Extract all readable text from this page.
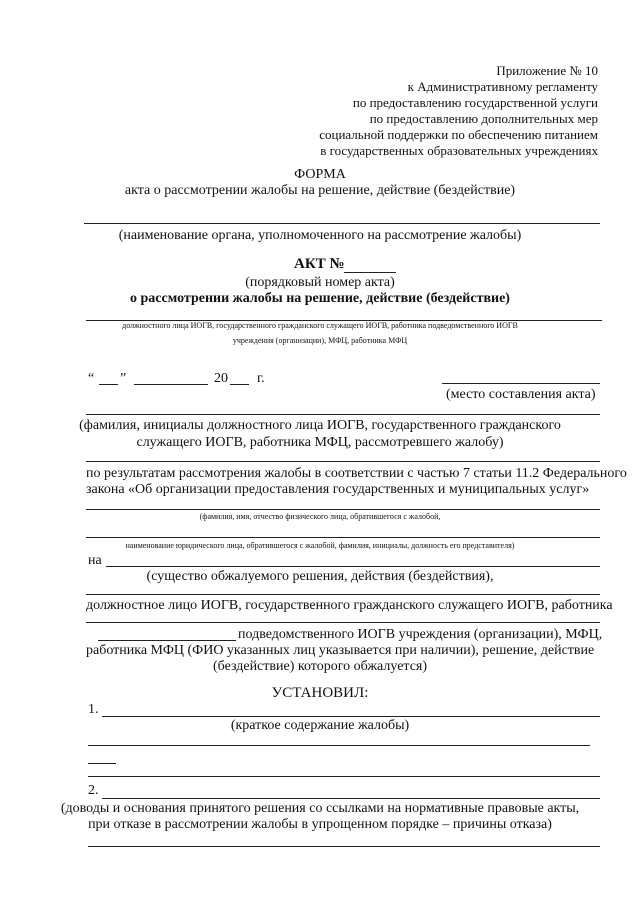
Приложение № 10
к Административному регламенту
по предоставлению государственной услуги
по предоставлению дополнительных мер
социальной поддержки по обеспечению питанием
в государственных образовательных учреждениях
ФОРМА
акта о рассмотрении жалобы на решение, действие (бездействие)
(наименование органа, уполномоченного на рассмотрение жалобы)
АКТ №
(порядковый номер акта)
о рассмотрении жалобы на решение, действие (бездействие)
должностного лица ИОГВ, государственного гражданского служащего ИОГВ, работника подведомственного ИОГВ
учреждения (организации), МФЦ, работника МФЦ
“ ”	20 г.
(место составления акта)
(фамилия, инициалы должностного лица ИОГВ, государственного гражданского
служащего ИОГВ, работника МФЦ, рассмотревшего жалобу)
по результатам рассмотрения жалобы в соответствии с частью 7 статьи 11.2 Федерального
закона «Об организации предоставления государственных и муниципальных услуг»
(фамилия, имя, отчество физического лица, обратившегося с жалобой,
наименование юридического лица, обратившегося с жалобой, фамилия, инициалы, должность его представителя)
на
(существо обжалуемого решения, действия (бездействия),
должностное лицо ИОГВ, государственного гражданского служащего ИОГВ, работника
подведомственного ИОГВ учреждения (организации), МФЦ,
работника МФЦ (ФИО указанных лиц указывается при наличии), решение, действие
(бездействие) которого обжалуется)
УСТАНОВИЛ:
1.
(краткое содержание жалобы)
2.
(доводы и основания принятого решения со ссылками на нормативные правовые акты,
при отказе в рассмотрении жалобы в упрощенном порядке – причины отказа)
